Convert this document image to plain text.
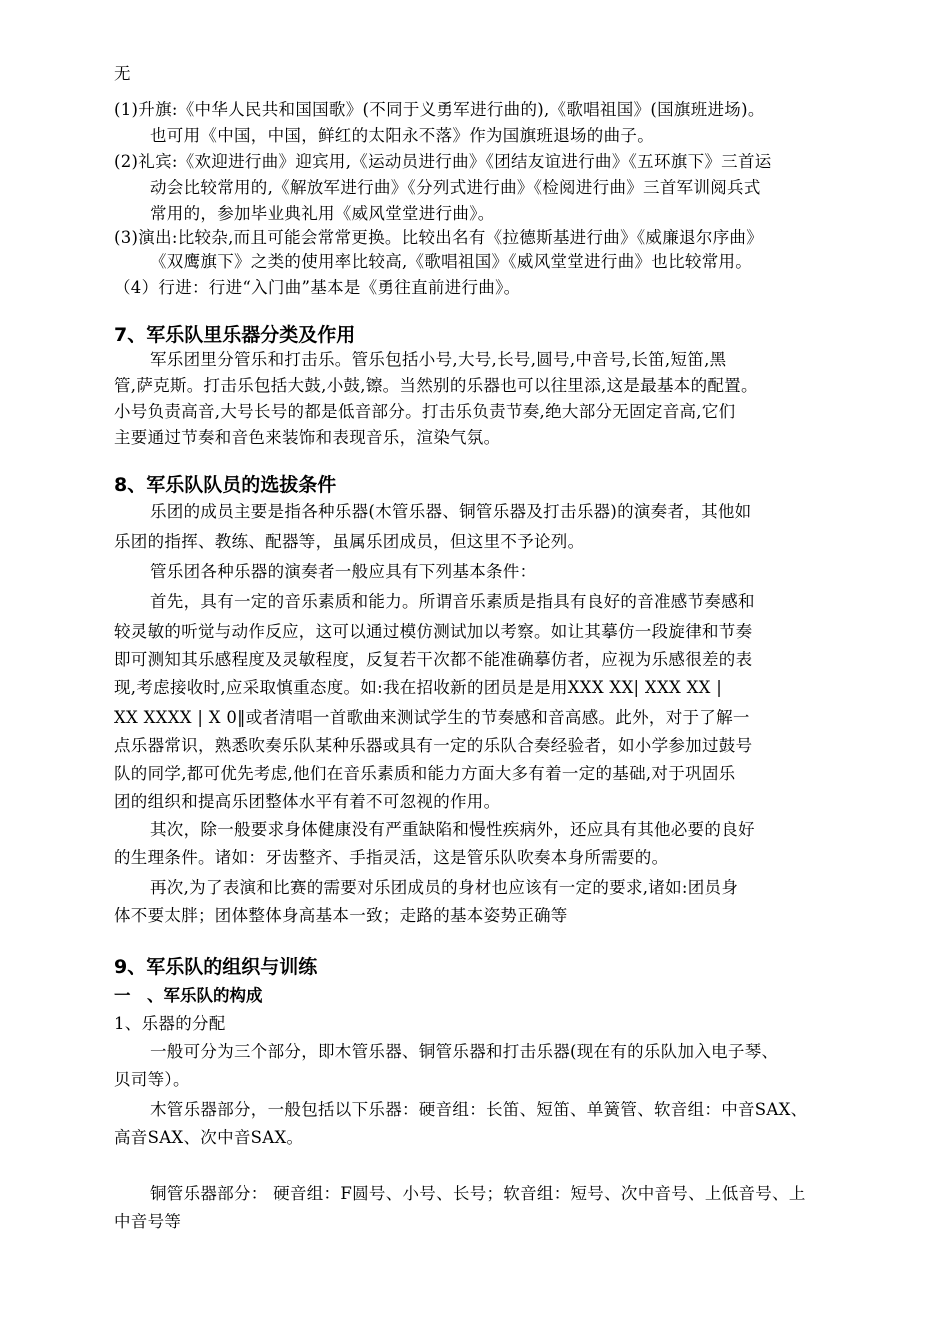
无
(1)升旗:《中华人民共和国国歌》(不同于义勇军进行曲的),《歌唱祖国》(国旗班进场)。
也可用《中国，中国，鲜红的太阳永不落》作为国旗班退场的曲子。
(2)礼宾:《欢迎进行曲》迎宾用,《运动员进行曲》《团结友谊进行曲》《五环旗下》三首运
动会比较常用的,《解放军进行曲》《分列式进行曲》《检阅进行曲》三首军训阅兵式
常用的，参加毕业典礼用《威风堂堂进行曲》。
(3)演出:比较杂,而且可能会常常更换。比较出名有《拉德斯基进行曲》《威廉退尔序曲》
《双鹰旗下》之类的使用率比较高,《歌唱祖国》《威风堂堂进行曲》也比较常用。
（4）行进：行进“入门曲”基本是《勇往直前进行曲》。
7、军乐队里乐器分类及作用
军乐团里分管乐和打击乐。管乐包括小号,大号,长号,圆号,中音号,长笛,短笛,黑
管,萨克斯。打击乐包括大鼓,小鼓,镲。当然别的乐器也可以往里添,这是最基本的配置。
小号负责高音,大号长号的都是低音部分。打击乐负责节奏,绝大部分无固定音高,它们
主要通过节奏和音色来装饰和表现音乐，渲染气氛。
8、军乐队队员的选拔条件
乐团的成员主要是指各种乐器(木管乐器、铜管乐器及打击乐器)的演奏者，其他如
乐团的指挥、教练、配器等，虽属乐团成员，但这里不予论列。
管乐团各种乐器的演奏者一般应具有下列基本条件：
首先，具有一定的音乐素质和能力。所谓音乐素质是指具有良好的音准感节奏感和
较灵敏的听觉与动作反应，这可以通过模仿测试加以考察。如让其摹仿一段旋律和节奏
即可测知其乐感程度及灵敏程度，反复若干次都不能准确摹仿者，应视为乐感很差的表
现,考虑接收时,应采取慎重态度。如:我在招收新的团员是是用XXX XX| XXX XX |
XX XXXX | X 0‖或者清唱一首歌曲来测试学生的节奏感和音高感。此外，对于了解一
点乐器常识，熟悉吹奏乐队某种乐器或具有一定的乐队合奏经验者，如小学参加过鼓号
队的同学,都可优先考虑,他们在音乐素质和能力方面大多有着一定的基础,对于巩固乐
团的组织和提高乐团整体水平有着不可忽视的作用。
其次，除一般要求身体健康没有严重缺陷和慢性疾病外，还应具有其他必要的良好
的生理条件。诸如：牙齿整齐、手指灵活，这是管乐队吹奏本身所需要的。
再次,为了表演和比赛的需要对乐团成员的身材也应该有一定的要求,诸如:团员身
体不要太胖；团体整体身高基本一致；走路的基本姿势正确等
9、军乐队的组织与训练
一　、军乐队的构成
1、乐器的分配
一般可分为三个部分，即木管乐器、铜管乐器和打击乐器(现在有的乐队加入电子琴、
贝司等）。
木管乐器部分，一般包括以下乐器：硬音组：长笛、短笛、单簧管、软音组：中音SAX、
高音SAX、次中音SAX。
铜管乐器部分： 硬音组：F圆号、小号、长号；软音组：短号、次中音号、上低音号、上
中音号等
